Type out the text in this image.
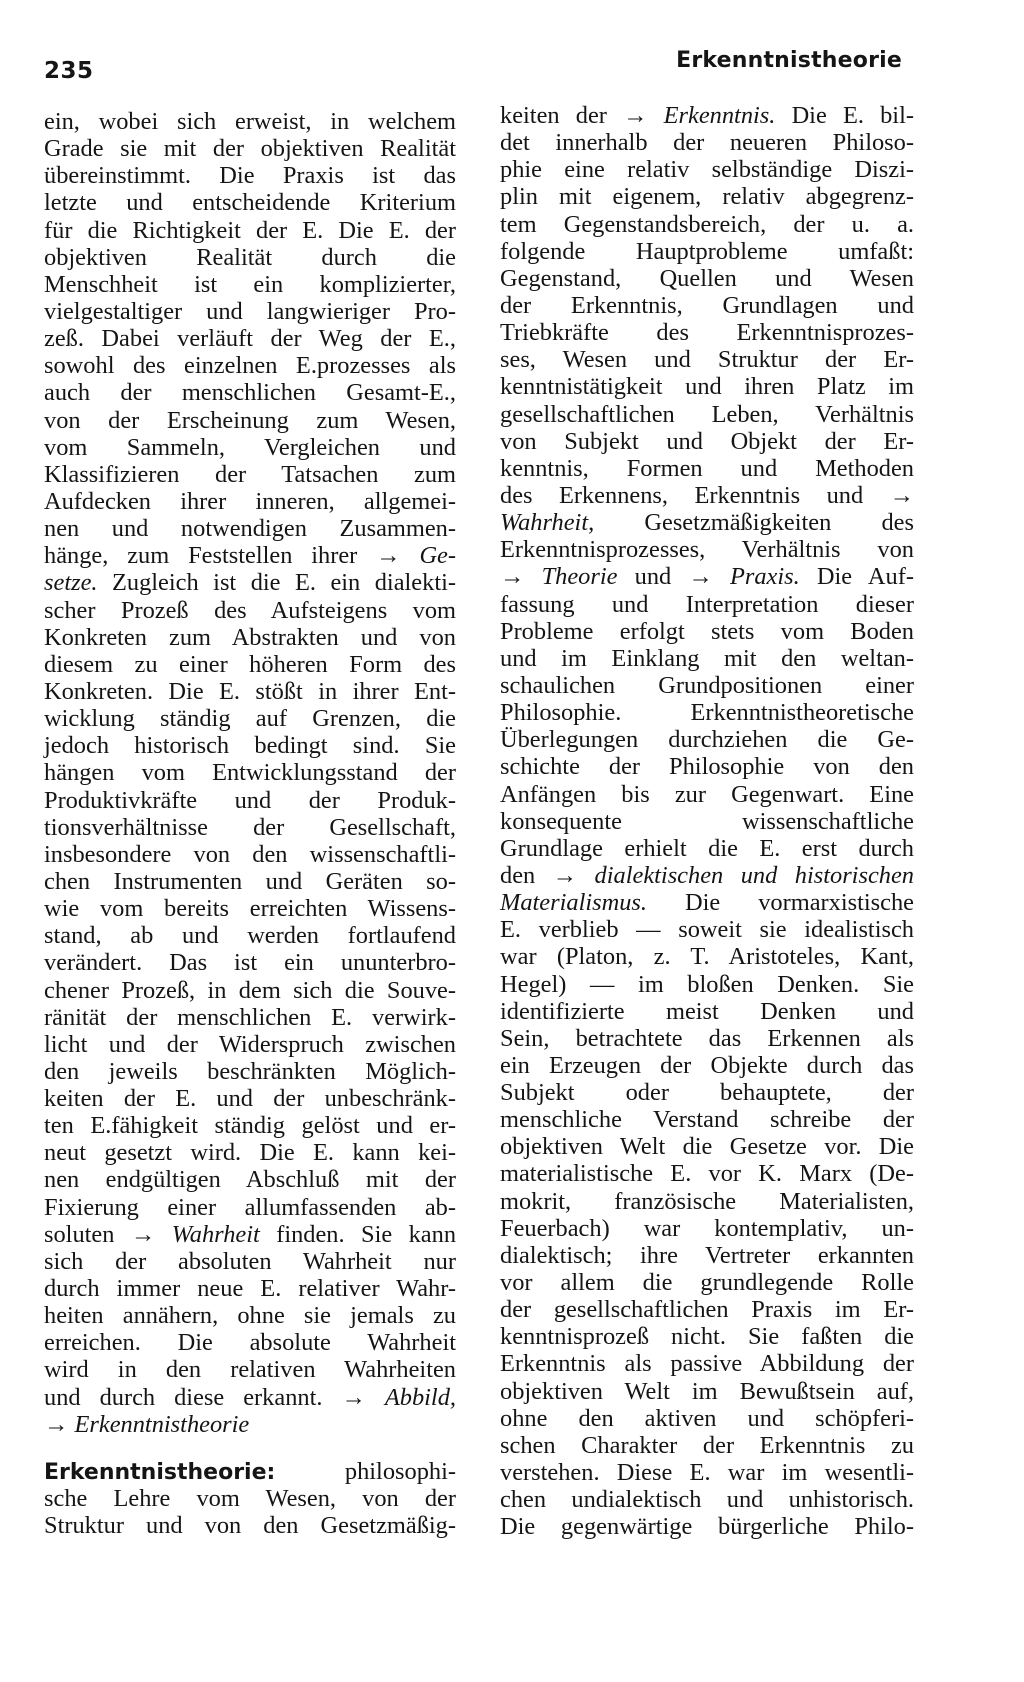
235	Erkenntnistheorie
ein, wobei sich erweist, in welchem
Grade sie mit der objektiven Realität
übereinstimmt. Die Praxis ist das
letzte und entscheidende Kriterium
für die Richtigkeit der E. Die E. der
objektiven Realität durch die
Menschheit ist ein komplizierter,
vielgestaltiger und langwieriger Pro-
zeß. Dabei verläuft der Weg der E.,
sowohl des einzelnen E.prozesses als
auch der menschlichen Gesamt-E.,
von der Erscheinung zum Wesen,
vom Sammeln, Vergleichen und
Klassifizieren der Tatsachen zum
Aufdecken ihrer inneren, allgemei-
nen und notwendigen Zusammen-
hänge, zum Feststellen ihrer → Ge-
setze. Zugleich ist die E. ein dialekti-
scher Prozeß des Aufsteigens vom
Konkreten zum Abstrakten und von
diesem zu einer höheren Form des
Konkreten. Die E. stößt in ihrer Ent-
wicklung ständig auf Grenzen, die
jedoch historisch bedingt sind. Sie
hängen vom Entwicklungsstand der
Produktivkräfte und der Produk-
tionsverhältnisse der Gesellschaft,
insbesondere von den wissenschaftli-
chen Instrumenten und Geräten so-
wie vom bereits erreichten Wissens-
stand, ab und werden fortlaufend
verändert. Das ist ein ununterbro-
chener Prozeß, in dem sich die Souve-
ränität der menschlichen E. verwirk-
licht und der Widerspruch zwischen
den jeweils beschränkten Möglich-
keiten der E. und der unbeschränk-
ten E.fähigkeit ständig gelöst und er-
neut gesetzt wird. Die E. kann kei-
nen endgültigen Abschluß mit der
Fixierung einer allumfassenden ab-
soluten → Wahrheit finden. Sie kann
sich der absoluten Wahrheit nur
durch immer neue E. relativer Wahr-
heiten annähern, ohne sie jemals zu
erreichen. Die absolute Wahrheit
wird in den relativen Wahrheiten
und durch diese erkannt. → Abbild,
→ Erkenntnistheorie
Erkenntnistheorie: philosophi-
sche Lehre vom Wesen, von der
Struktur und von den Gesetzmäßig-
keiten der → Erkenntnis. Die E. bil-
det innerhalb der neueren Philoso-
phie eine relativ selbständige Diszi-
plin mit eigenem, relativ abgegrenz-
tem Gegenstandsbereich, der u. a.
folgende Hauptprobleme umfaßt:
Gegenstand, Quellen und Wesen
der Erkenntnis, Grundlagen und
Triebkräfte des Erkenntnisprozes-
ses, Wesen und Struktur der Er-
kenntnistätigkeit und ihren Platz im
gesellschaftlichen Leben, Verhältnis
von Subjekt und Objekt der Er-
kenntnis, Formen und Methoden
des Erkennens, Erkenntnis und →
Wahrheit, Gesetzmäßigkeiten des
Erkenntnisprozesses, Verhältnis von
→ Theorie und → Praxis. Die Auf-
fassung und Interpretation dieser
Probleme erfolgt stets vom Boden
und im Einklang mit den weltan-
schaulichen Grundpositionen einer
Philosophie. Erkenntnistheoretische
Überlegungen durchziehen die Ge-
schichte der Philosophie von den
Anfängen bis zur Gegenwart. Eine
konsequente wissenschaftliche
Grundlage erhielt die E. erst durch
den → dialektischen und historischen
Materialismus. Die vormarxistische
E. verblieb — soweit sie idealistisch
war (Platon, z. T. Aristoteles, Kant,
Hegel) — im bloßen Denken. Sie
identifizierte meist Denken und
Sein, betrachtete das Erkennen als
ein Erzeugen der Objekte durch das
Subjekt oder behauptete, der
menschliche Verstand schreibe der
objektiven Welt die Gesetze vor. Die
materialistische E. vor K. Marx (De-
mokrit, französische Materialisten,
Feuerbach) war kontemplativ, un-
dialektisch; ihre Vertreter erkannten
vor allem die grundlegende Rolle
der gesellschaftlichen Praxis im Er-
kenntnisprozeß nicht. Sie faßten die
Erkenntnis als passive Abbildung der
objektiven Welt im Bewußtsein auf,
ohne den aktiven und schöpferi-
schen Charakter der Erkenntnis zu
verstehen. Diese E. war im wesentli-
chen undialektisch und unhistorisch.
Die gegenwärtige bürgerliche Philo-
